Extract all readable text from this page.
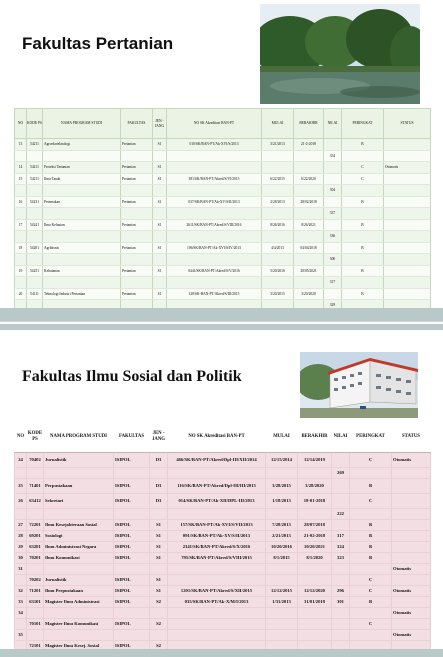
Fakultas Pertanian
NO	KODE PS	NAMA PROGRAM STUDI	FAKULTAS	JEN - JANG	NO SK Akreditasi BAN-PT	MULAI	BERAKHIR	NILAI	PERINGKAT	STATUS
13	54211	Agroekoteknologi	Pertanian	S1	010/SK/BAN-PT/Ak-XVI/S/2013	3/21/2013	21-2-2018		B	
								334		
14	54211	Proteksi Tanaman	Pertanian	S1					C	Otomatis
15	54211	Ilmu Tanah	Pertanian	S1	381/SK/BAN-PT/Akred/S/VI/2015	6/22/2015	6/22/2020		C	
								304		
16	54231	Peternakan	Pertanian	S1	037/SK/BAN-PT/Ak-XV/S/II/2013	2/28/2013	28/02/2018		B	
								337		
17	54241	Ilmu Kelautan	Pertanian	S1	2611/SK/BAN-PT/Akred/S/VIII/2016	8/26/2016	8/26/2021		B	
								336		
18	54201	Agribisnis	Pertanian	S1	106/SK/BAN-PT/Ak-XVI/S/IV/2013	4/4/2013	04/04/2018		B	
								300		
19	54251	Kehutanan	Pertanian	S1	0441/SK/BAN-PT/Akred/S/V/2016	5/20/2016	20/05/2021		B	
								317		
20	54111	Teknologi Industri Pertanian	Pertanian	S1	128/SK-BAN-PT/Akred/S/III/2015	3/20/2015	3/20/2020		B	
								329		

Fakultas Ilmu Sosial dan Politik
NO	KODE PS	NAMA PROGRAM STUDI	FAKULTAS	JEN - JANG	NO SK Akreditasi BAN-PT	MULAI	BERAKHIR	NILAI	PERINGKAT	STATUS
24	70402	Jurnalistik	ISIPOL	D3	466/SK/BAN-PT/Akred/Dpl-III/XII/2014	12/15/2014	12/14/2019		C	Otomatis
								269		
25	71401	Perpustakaan	ISIPOL	D3	116/SK/BAN-PT/Akred/Dpl-III/III/2015	3/28/2015	3/28/2020		B	
26	63412	Sekretari	ISIPOL	D3	014/SK/BAN-PT/Ak-XII/DPL-III/2013	1/18/2013	18-01-2018		C	
								222		
27	72201	Ilmu Kesejahteraan Sosial	ISIPOL	S1	157/SK/BAN-PT/Ak-XVI/S/VII/2013	7/28/2013	28/07/2018		B	
28	69201	Sosiologi	ISIPOL	S1	091/SK/BAN-PT/Ak-XV/S/II/2013	2/21/2013	21-02-2018	317	B	
29	63201	Ilmu Administrasi Negara	ISIPOL	S1	2341/SK/BAN-PT/Akred/S/X/2016	10/20/2016	10/20/2021	324	B	
30	70201	Ilmu Komunikasi	ISIPOL	S1	795/SK/BAN-PT/Akred/S/VIII/2015	8/1/2015	8/1/2020	323	B	
31										Otomatis
	70202	Jurnalistik	ISIPOL	S1					C	
32	71201	Ilmu Perpustakaan	ISIPOL	S1	1201/SK/BAN-PT/Akred/S/XII/2015	12/12/2015	12/12/2020	296	C	Otomatis
33	63101	Magister Ilmu Administrasi	ISIPOL	S2	035/SK/BAN-PT/Ak-X/M/I/2013	1/31/2013	31/01/2018	301	B	
34										Otomatis
	70101	Magister Ilmu Komunikasi	ISIPOL	S2					C	
35										Otomatis
	72101	Magister Ilmu Kesej. Sosial	ISIPOL	S2						
